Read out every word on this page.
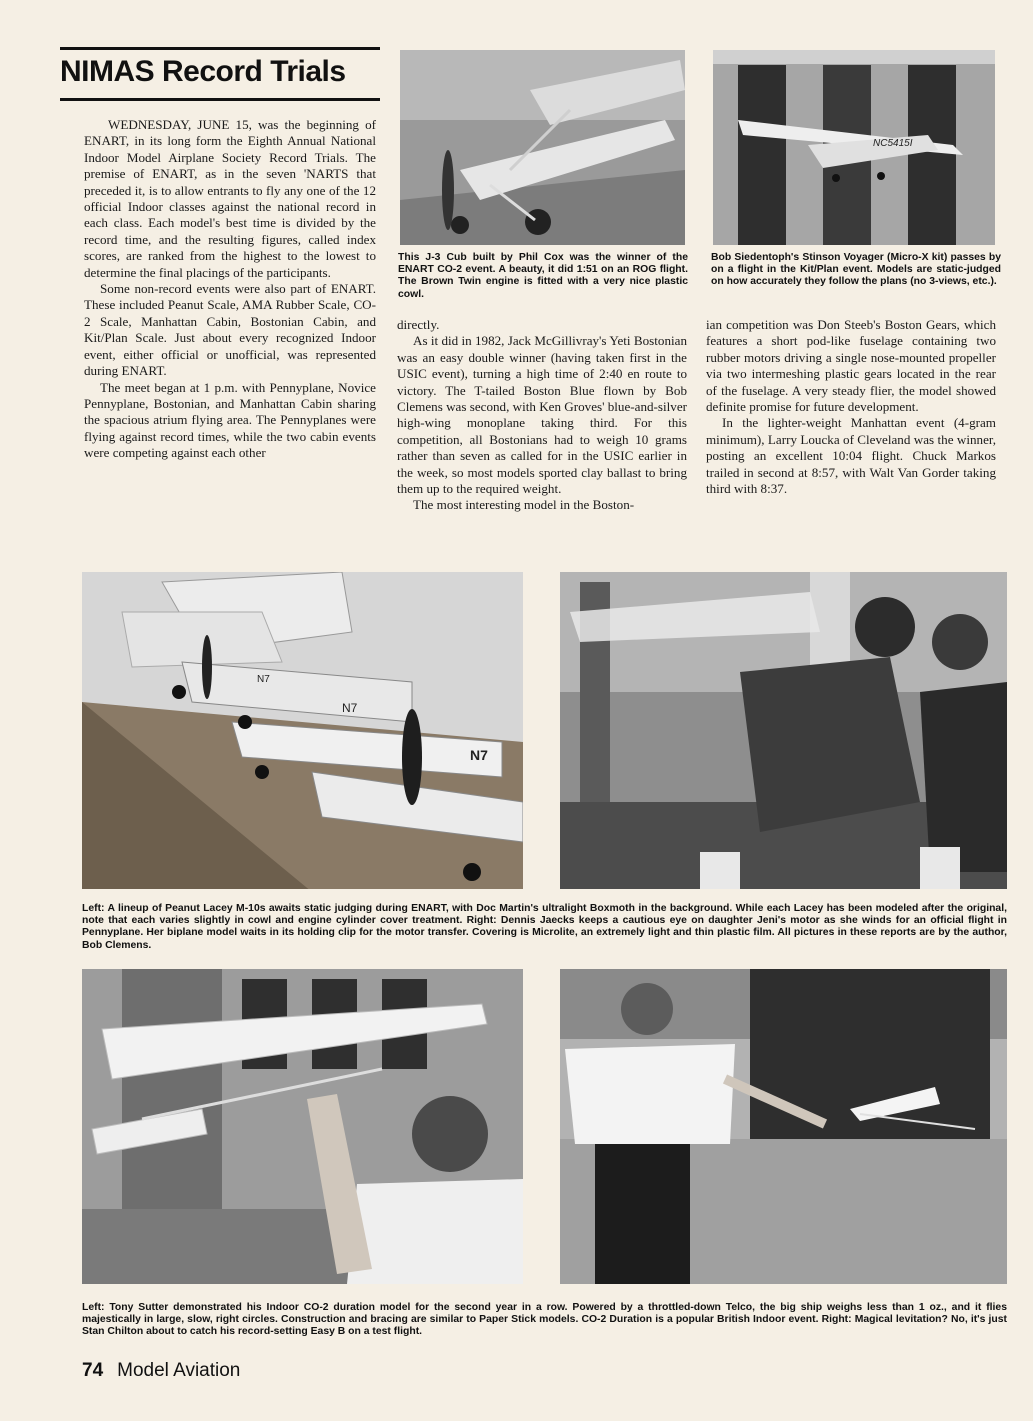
NIMAS Record Trials

WEDNESDAY, JUNE 15, was the beginning of ENART, in its long form the Eighth Annual National Indoor Model Airplane Society Record Trials. The premise of ENART, as in the seven 'NARTS that preceded it, is to allow entrants to fly any one of the 12 official Indoor classes against the national record in each class. Each model's best time is divided by the record time, and the resulting figures, called index scores, are ranked from the highest to the lowest to determine the final placings of the participants.

Some non-record events were also part of ENART. These included Peanut Scale, AMA Rubber Scale, CO-2 Scale, Manhattan Cabin, Bostonian Cabin, and Kit/Plan Scale. Just about every recognized Indoor event, either official or unofficial, was represented during ENART.

The meet began at 1 p.m. with Pennyplane, Novice Pennyplane, Bostonian, and Manhattan Cabin sharing the spacious atrium flying area. The Pennyplanes were flying against record times, while the two cabin events were competing against each other

directly.

As it did in 1982, Jack McGillivray's Yeti Bostonian was an easy double winner (having taken first in the USIC event), turning a high time of 2:40 en route to victory. The T-tailed Boston Blue flown by Bob Clemens was second, with Ken Groves' blue-and-silver high-wing monoplane taking third. For this competition, all Bostonians had to weigh 10 grams rather than seven as called for in the USIC earlier in the week, so most models sported clay ballast to bring them up to the required weight.

The most interesting model in the Boston-

ian competition was Don Steeb's Boston Gears, which features a short pod-like fuselage containing two rubber motors driving a single nose-mounted propeller via two intermeshing plastic gears located in the rear of the fuselage. A very steady flier, the model showed definite promise for future development.

In the lighter-weight Manhattan event (4-gram minimum), Larry Loucka of Cleveland was the winner, posting an excellent 10:04 flight. Chuck Markos trailed in second at 8:57, with Walt Van Gorder taking third with 8:37.

NC5415I
N7
N7
N7
This J-3 Cub built by Phil Cox was the winner of the ENART CO-2 event. A beauty, it did 1:51 on an ROG flight. The Brown Twin engine is fitted with a very nice plastic cowl.
Bob Siedentoph's Stinson Voyager (Micro-X kit) passes by on a flight in the Kit/Plan event. Models are static-judged on how accurately they follow the plans (no 3-views, etc.).
Left: A lineup of Peanut Lacey M-10s awaits static judging during ENART, with Doc Martin's ultralight Boxmoth in the background. While each Lacey has been modeled after the original, note that each varies slightly in cowl and engine cylinder cover treatment. Right: Dennis Jaecks keeps a cautious eye on daughter Jeni's motor as she winds for an official flight in Pennyplane. Her biplane model waits in its holding clip for the motor transfer. Covering is Microlite, an extremely light and thin plastic film. All pictures in these reports are by the author, Bob Clemens.
Left: Tony Sutter demonstrated his Indoor CO-2 duration model for the second year in a row. Powered by a throttled-down Telco, the big ship weighs less than 1 oz., and it flies majestically in large, slow, right circles. Construction and bracing are similar to Paper Stick models. CO-2 Duration is a popular British Indoor event. Right: Magical levitation? No, it's just Stan Chilton about to catch his record-setting Easy B on a test flight.
74 Model Aviation
